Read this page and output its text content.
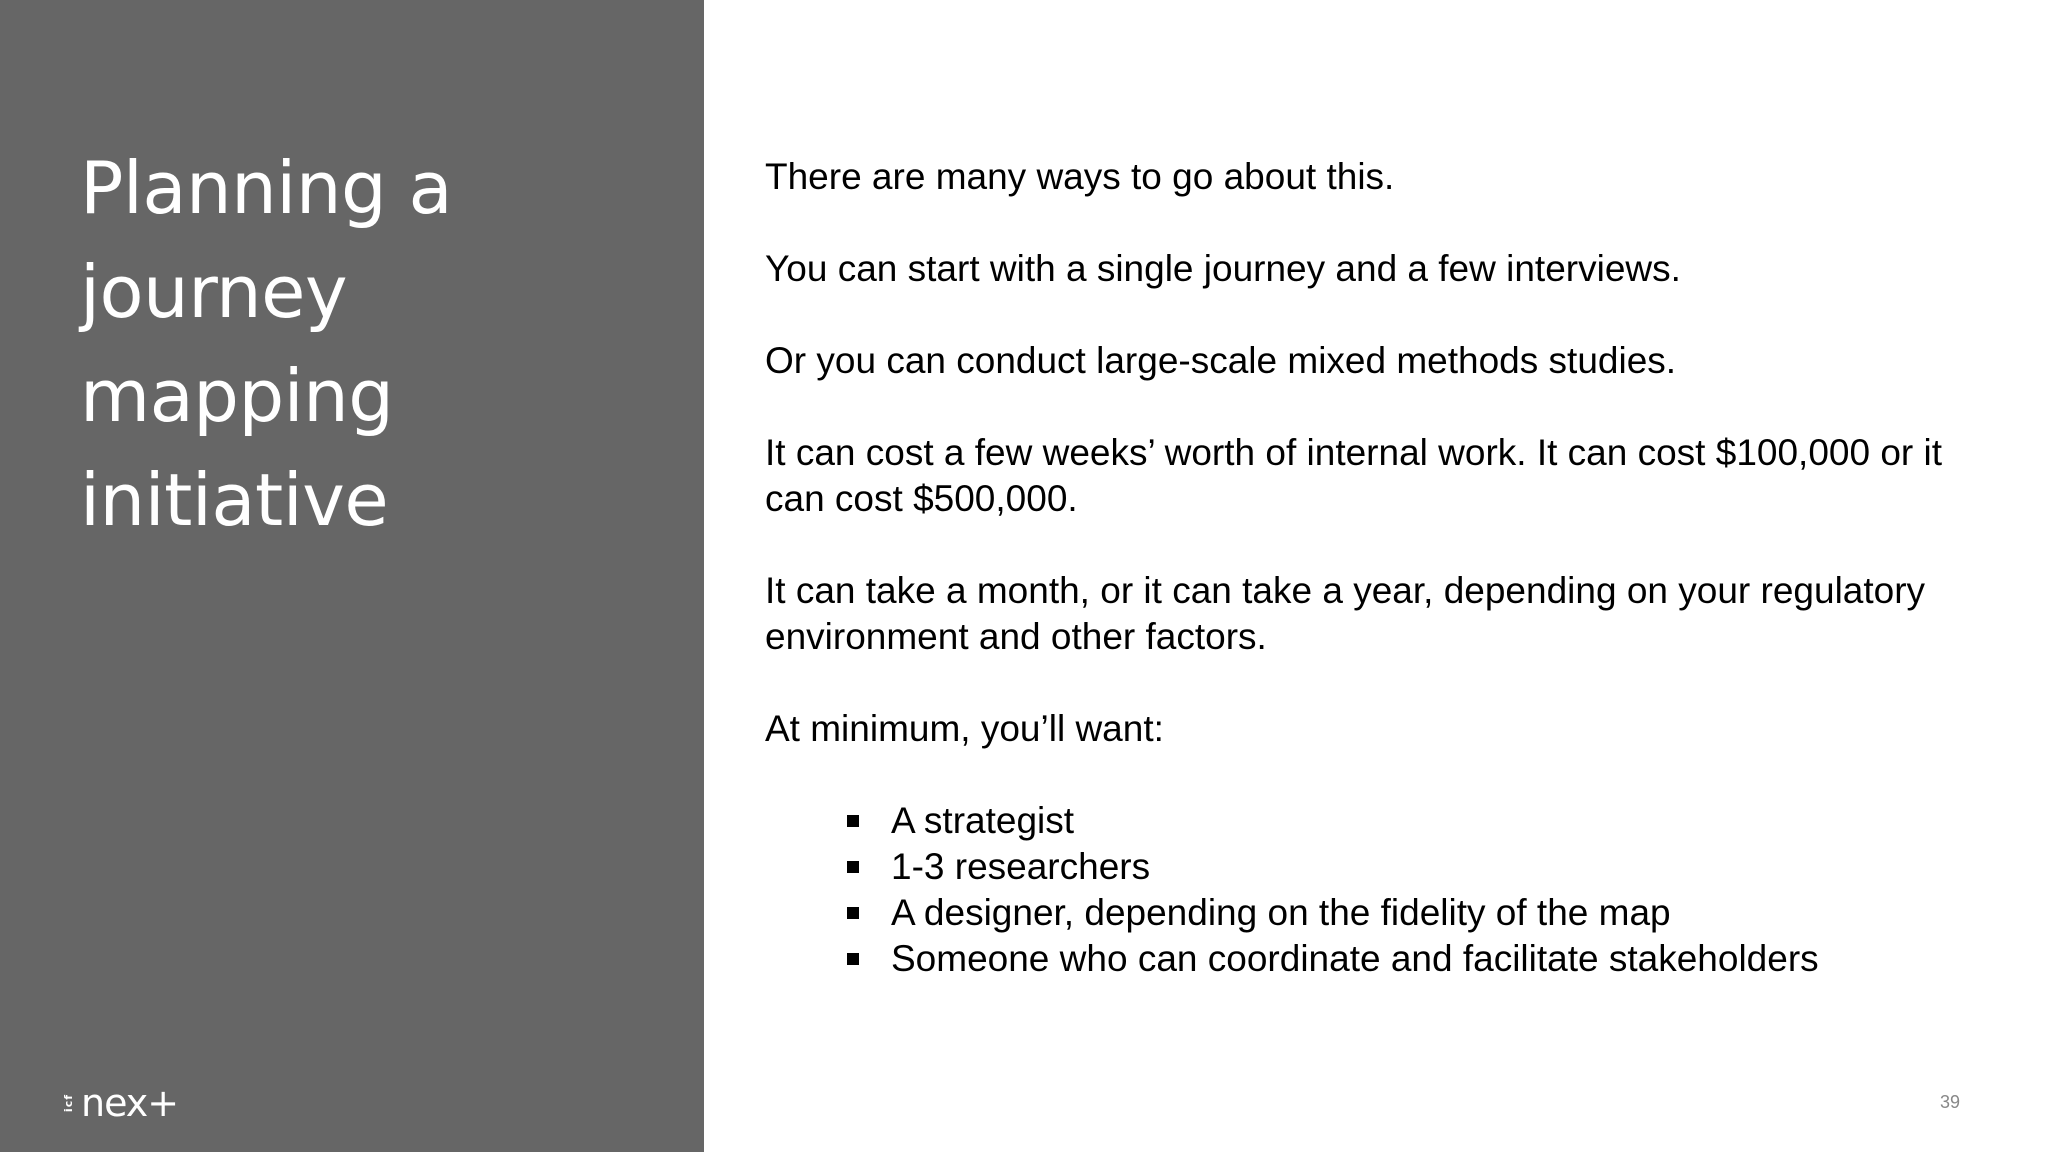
Planning a journey mapping initiative
icf nex+

There are many ways to go about this.

You can start with a single journey and a few interviews.

Or you can conduct large-scale mixed methods studies.

It can cost a few weeks’ worth of internal work. It can cost $100,000 or it can cost $500,000.

It can take a month, or it can take a year, depending on your regulatory environment and other factors.

At minimum, you’ll want:

A strategist
1-3 researchers
A designer, depending on the fidelity of the map
Someone who can coordinate and facilitate stakeholders
39
